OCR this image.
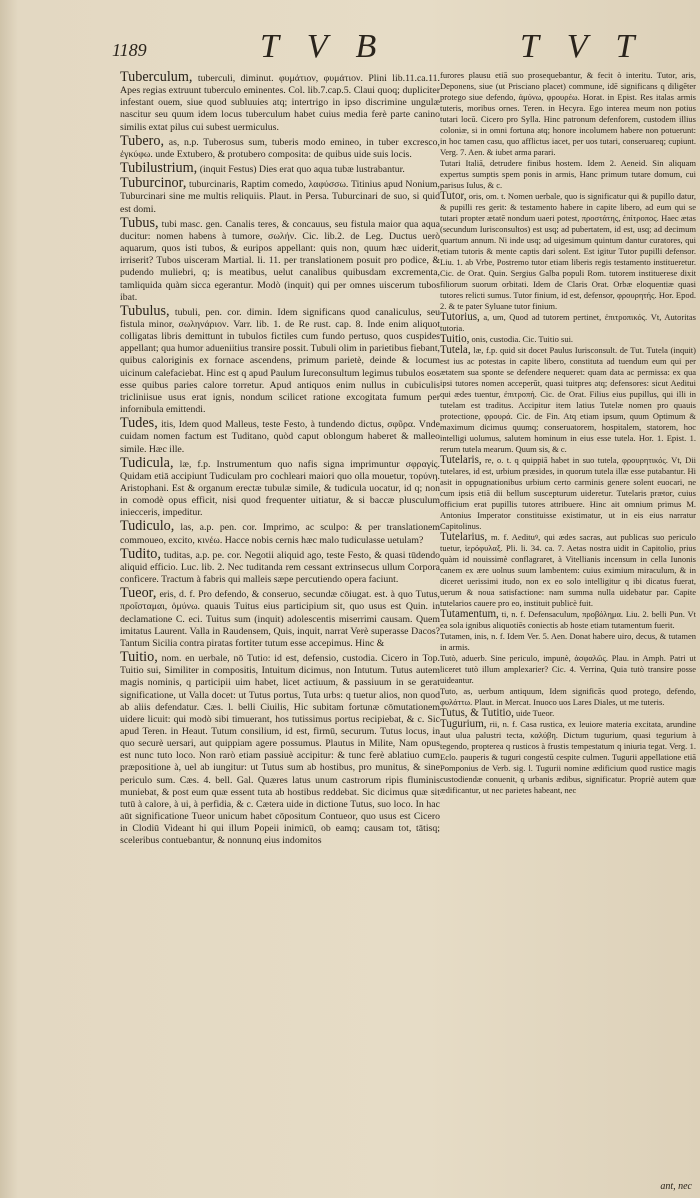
1189	T V B	T V T

Tuberculum, tuberculi, diminut. φυμάτιον, φυμάτιον. Plini lib.11.ca.11. Apes regias extruunt tuberculo eminentes. Col. lib.7.cap.5. Claui quoq; dupliciter infestant ouem, siue quod subluuies atq; intertrigo in ipso discrimine ungulæ nascitur seu quum idem locus tuberculum habet cuius media ferè parte canino similis extat pilus cui subest uermiculus.

Tubero, as, n.p. Tuberosus sum, tuberis modo emineo, in tuber excresco, ἐγκύφω. unde Extubero, & protubero composita: de quibus uide suis locis.

Tubilustrium, (inquit Festus) Dies erat quo aqua tubæ lustrabantur.

Tuburcinor, tuburcinaris, Raptim comedo, λαφύσσω. Titinius apud Nonium, Tuburcinari sine me multis reliquiis. Plaut. in Persa. Tuburcinari de suo, si quid est domi.

Tubus, tubi masc. gen. Canalis teres, & concauus, seu fistula maior qua aqua ducitur: nomen habens à tumore, σωλήν. Cic. lib.2. de Leg. Ductus uerò aquarum, quos isti tubos, & euripos appellant: quis non, quum hæc uiderit, irriserit? Tubos uisceram Martial. li. 11. per translationem posuit pro podice, & pudendo muliebri, q; is meatibus, uelut canalibus quibusdam excrementa, tamliquida quàm sicca egerantur. Modò (inquit) qui per omnes uiscerum tubos ibat.

Tubulus, tubuli, pen. cor. dimin. Idem significans quod canaliculus, seu fistula minor, σωληνάριον. Varr. lib. 1. de Re rust. cap. 8. Inde enim aliquot colligatas libris demittunt in tubulos fictiles cum fundo pertuso, quos cuspides appellant; qua humor adueniitius transire possit. Tubuli olim in parietibus fiebant, quibus caloriginis ex fornace ascendens, primum parietè, deinde & locum uicinum calefaciebat. Hinc est q apud Paulum Iureconsultum legimus tubulos eos esse quibus paries calore torretur. Apud antiquos enim nullus in cubiculis tricliniisue usus erat ignis, nondum scilicet ratione excogitata fumum per infornibula emittendi.

Tudes, itis, Idem quod Malleus, teste Festo, à tundendo dictus, σφῦρα. Vnde cuidam nomen factum est Tuditano, quòd caput oblongum haberet & malleo simile. Hæc ille.

Tudicula, læ, f.p. Instrumentum quo nafis signa imprimuntur σφραγίς. Quidam etiā accipiunt Tudiculam pro cochleari maiori quo olla mouetur, τορύνη. Aristophani. Est & organum erectæ tubulæ simile, & tudicula uocatur, id q; non in comodè opus efficit, nisi quod frequenter uitiatur, & si baccæ plusculum iniecceris, impeditur.

Tudiculo, las, a.p. pen. cor. Imprimo, ac sculpo: & per translationem commoueo, excito, κινέω. Hacce nobis cernis hæc malo tudiculasse uetulam?

Tudito, tuditas, a.p. pe. cor. Negotii aliquid ago, teste Festo, & quasi tūdendo aliquid efficio. Luc. lib. 2. Nec tuditanda rem cessant extrinsecus ullum Corpora conficere. Tractum à fabris qui malleis sæpe percutiendo opera faciunt.

Tueor, eris, d. f. Pro defendo, & conseruo, secundæ cōiugat. est. à quo Tutus, προΐσταμαι, ὁμύνω. quauis Tuitus eius participium sit, quo usus est Quin. in declamatione C. eci. Tuitus sum (inquit) adolescentis miserrimi causam. Quem imitatus Laurent. Valla in Raudensem, Quis, inquit, narrat Verè superasse Dacos? Tantum Sicilia contra piratas fortiter tutum esse accepimus. Hinc &

Tuitio, nom. en uerbale, nō Tutio: id est, defensio, custodia. Cicero in Top. Tuitio sui, Similiter in compositis, Intuitum dicimus, non Intutum. Tutus autem magis nominis, q participii uim habet, licet actiuum, & passiuum in se gerat significatione, ut Valla docet: ut Tutus portus, Tuta urbs: q tuetur alios, non quod ab aliis defendatur. Cæs. l. belli Ciuilis, Hic subitam fortunæ cōmutationem uidere licuit: qui modò sibi timuerant, hos tutissimus portus recipiebat, & c. Sic apud Teren. in Heaut. Tutum consilium, id est, firmū, securum. Tutus locus, in quo securè uersari, aut quippiam agere possumus. Plautus in Milite, Nam opus est nunc tuto loco. Non rarò etiam passiuè accipitur: & tunc ferè ablatiuo cum præpositione à, uel ab iungitur: ut Tutus sum ab hostibus, pro munitus, & sine periculo sum. Cæs. 4. bell. Gal. Quæres latus unum castrorum ripis fluminis muniebat, & post eum quæ essent tuta ab hostibus reddebat. Sic dicimus quæ sit tutū à calore, à ui, à perfidia, & c. Cætera uide in dictione Tutus, suo loco. In hac aūt significatione Tueor unicum habet cōpositum Contueor, quo usus est Cicero in Clodiū Videant hi qui illum Popeii inimicū, ob eamq; causam tot, tātisq; sceleribus contuebantur, & nonnunq eius indomitos

furores plausu etiā suo prosequebantur, & fecit ò interitu. Tutor, aris, Deponens, siue (ut Prisciano placet) commune, idē significans q diligēter protego siue defendo, ἀμύνω, φρουρέω. Horat. in Epist. Res italas armis tuteris, moribus ornes. Teren. in Hecyra. Ego interea meum non potius tutari locū. Cicero pro Sylla. Hinc patronum defenforem, custodem illius coloniæ, si in omni fortuna atq; honore incolumem habere non potuerunt: in hoc tamen casu, quo afflictus iacet, per uos tutari, conseruareq; cupiunt. Verg. 7. Aen. & iubet arma parari.

Tutari Italiā, detrudere finibus hostem. Idem 2. Aeneid. Sin aliquam expertus sumptis spem ponis in armis, Hanc primum tutare domum, cui parisus Iulus, & c.

Tutor, oris, om. t. Nomen uerbale, quo is significatur qui & pupillo datur, & pupilli res gerit: & testamento habere in capite libero, ad eum qui se tutari propter ætatē nondum uaeri potest, προστάτης, ἐπίτροπος. Haec ætas (secundum Iurisconsultos) est usq; ad pubertatem, id est, usq; ad decimum quartum annum. Ni inde usq; ad uigesimum quintum dantur curatores, qui etiam tutoris & mente captis dari solent. Est igitur Tutor pupilli defensor. Liu. 1. ab Vrbe, Postremo tutor etiam liberis regis testamento institueretur. Cic. de Orat. Quin. Sergius Galba populi Rom. tutorem instituerese dixit filiorum suorum orbitati. Idem de Claris Orat. Orbæ eloquentiæ quasi tutores relicti sumus. Tutor finium, id est, defensor, φρουρητής. Hor. Epod. 2. & te pater Syluane tutor finium.

Tutorius, a, um, Quod ad tutorem pertinet, ἐπιτροπικός. Vt, Autoritas tutoria.

Tuitio, onis, custodia. Cic. Tuitio sui.

Tutela, læ, f.p. quid sit docet Paulus Iurisconsult. de Tut. Tutela (inquit) est ius ac potestas in capite libero, constituta ad tuendum eum qui per ætatem sua sponte se defendere nequeret: quam data ac permissa: ex qua ipsi tutores nomen acceperūt, quasi tuitpres atq; defensores: sicut Aeditui qui ædes tuentur, ἐπιτροπή. Cic. de Orat. Filius eius pupillus, qui illi in tutelam est traditus. Accipitur item latius Tutelæ nomen pro quauis protectione, φρουρά. Cic. de Fin. Atq etiam ipsum, quum Optimum & maximum dicimus quumq; conseruatorem, hospitalem, statorem, hoc intelligi uolumus, salutem hominum in eius esse tutela. Hor. 1. Epist. 1. rerum tutela mearum. Quum sis, & c.

Tutelaris, re, o. t. q quippiā habet in suo tutela, φρουρητικός. Vt, Dii tutelares, id est, urbium præsides, in quorum tutela illæ esse putabantur. Hi asit in oppugnationibus urbium certo carminis genere solent euocari, ne cum ipsis etiā dii bellum suscepturum uideretur. Tutelaris prætor, cuius officium erat pupillis tutores attribuere. Hinc ait omnium primus M. Antonius Imperator constituisse existimatur, ut in eis eius narratur Capitolinus.

Tutelarius, m. f. Aedituꝰ, qui ædes sacras, aut publicas suo periculo tuetur, ἱερόφυλαξ. Pli. li. 34. ca. 7. Aetas nostra uidit in Capitolio, prius quàm id nouissimè conflagraret, à Vitellianis incensum in cella Iunonis canem ex ære uolnus suum lambentem: cuius eximium miraculum, & in diceret uerissimi itudo, non ex eo solo intelligitur q ibi dicatus fuerat, uerum & noua satisfactione: nam summa nulla uidebatur par. Capite tutelarios cauere pro eo, instituit publicè fuit.

Tutamentum, ti, n. f. Defensaculum, προβόλημα. Liu. 2. belli Pun. Vt ea sola ignibus aliquotiēs coniectis ab hoste etiam tutamentum fuerit.

Tutamen, inis, n. f. Idem Ver. 5. Aen. Donat habere uiro, decus, & tutamen in armis.

Tutò, aduerb. Sine periculo, impunè, ἀσφαλῶς. Plau. in Amph. Patri ut liceret tutò illum amplexarier? Cic. 4. Verrina, Quia tutò transire posse uideantur.

Tuto, as, uerbum antiquum, Idem significās quod protego, defendo, φυλάττω. Plaut. in Mercat. Inuoco uos Lares Diales, ut me tuteris.

Tutus, & Tutitio, uide Tueor.

Tugurium, rii, n. f. Casa rustica, ex leuiore materia excitata, arundine aut ulua palustri tecta, καλύβη. Dictum tugurium, quasi tegurium à tegendo, propterea q rusticos à frustis tempestatum q iniuria tegat. Verg. 1. Eclo. pauperis & tuguri congestū cespite culmen. Tugurii appellatione etiā Pomponius de Verb. sig. l. Tugurii nomine ædificium quod rustice magis custodiendæ conuenit, q urbanis ædibus, significatur. Propriè autem quæ ædificantur, ut nec parietes habeant, nec

ant, nec
